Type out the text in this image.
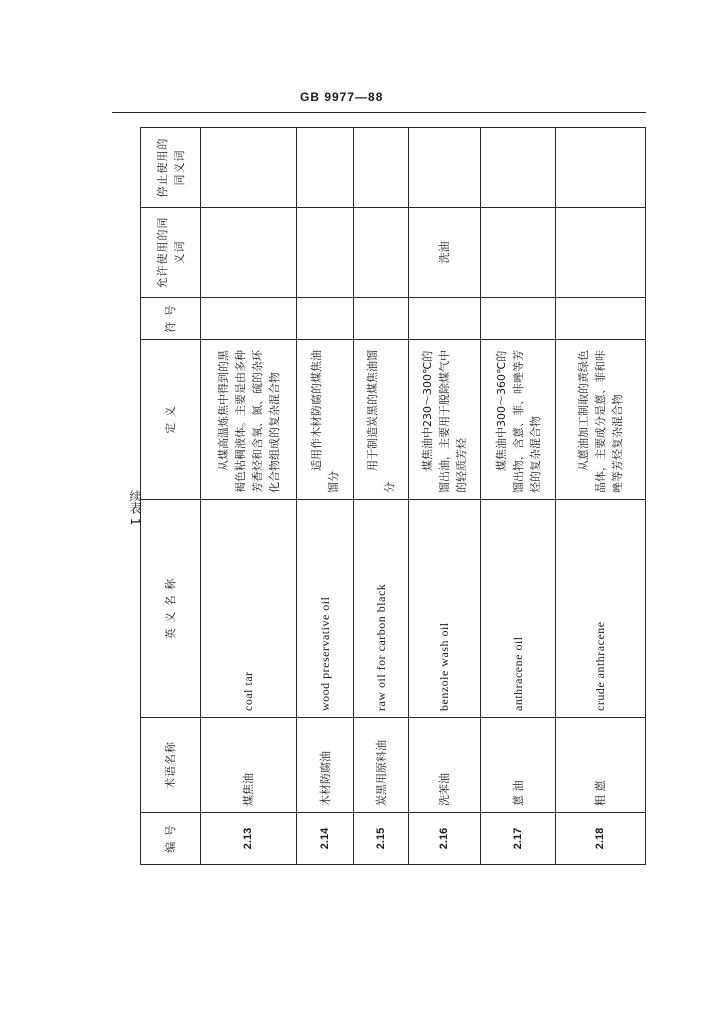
GB 9977—88
续表 1
编 号	术语名称	英 义 名 称	定 义	符 号	允许使用的同义词	停止使用的同义词
2.13	煤焦油	coal tar	从煤高温炼焦中得到的黑褐色粘稠液体。主要是由多种芳香烃和含氧、氮、硫的杂环化合物组成的复杂混合物			
2.14	木材防腐油	wood preservative oil	适用作木材防腐的煤焦油馏分			
2.15	炭黑用原料油	raw oil for carbon black	用于制造炭黑的煤焦油馏分			
2.16	洗苯油	benzole wash oil	煤焦油中230～300℃的馏出油，主要用于脱除煤气中的轻质芳烃		洗油	
2.17	蒽 油	anthracene oil	煤焦油中300～360℃的馏出物，含蒽、菲、咔唑等芳烃的复杂混合物			
2.18	粗 蒽	crude anthracene	从蒽油加工制取的黄绿色晶体，主要成分是蒽、菲和咔唑等芳烃复杂混合物			
